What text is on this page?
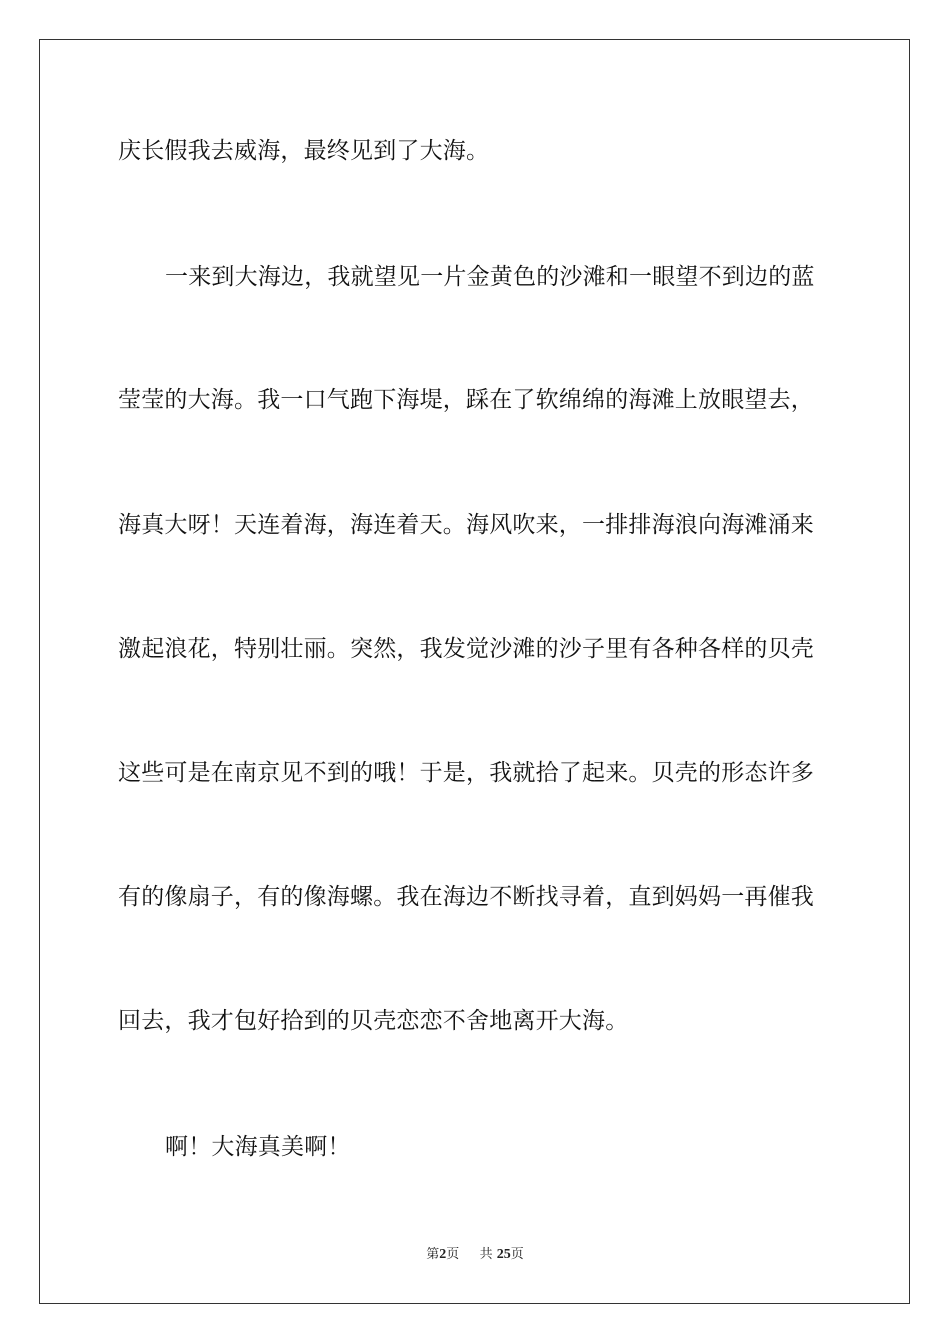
庆长假我去威海，最终见到了大海。
一来到大海边，我就望见一片金黄色的沙滩和一眼望不到边的蓝
莹莹的大海。我一口气跑下海堤，踩在了软绵绵的海滩上放眼望去，
海真大呀！天连着海，海连着天。海风吹来，一排排海浪向海滩涌来
激起浪花，特别壮丽。突然，我发觉沙滩的沙子里有各种各样的贝壳
这些可是在南京见不到的哦！于是，我就拾了起来。贝壳的形态许多
有的像扇子，有的像海螺。我在海边不断找寻着，直到妈妈一再催我
回去，我才包好拾到的贝壳恋恋不舍地离开大海。
啊！大海真美啊！
第2页 共 25页
